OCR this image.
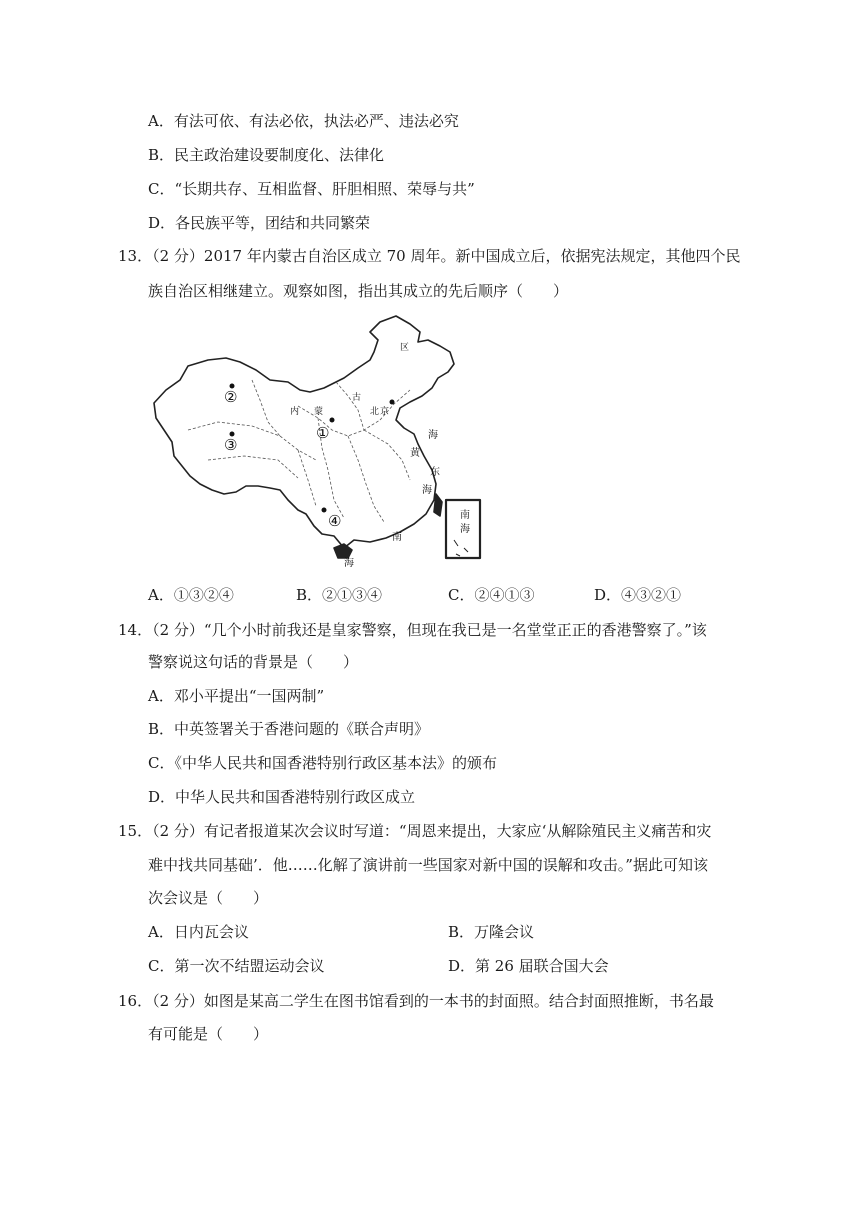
A．有法可依、有法必依，执法必严、违法必究
B．民主政治建设要制度化、法律化
C．“长期共存、互相监督、肝胆相照、荣辱与共”
D．各民族平等，团结和共同繁荣
13．（2 分）2017 年内蒙古自治区成立 70 周年。新中国成立后，依据宪法规定，其他四个民
族自治区相继建立。观察如图，指出其成立的先后顺序（　　）
②
③
①
④
内 蒙
古
区
北 京
黄
海
东
海
南
海
南
海
A．①③②④	B．②①③④	C．②④①③	D．④③②①
14．（2 分）“几个小时前我还是皇家警察，但现在我已是一名堂堂正正的香港警察了。”该
警察说这句话的背景是（　　）
A．邓小平提出“一国两制”
B．中英签署关于香港问题的《联合声明》
C．《中华人民共和国香港特别行政区基本法》的颁布
D．中华人民共和国香港特别行政区成立
15．（2 分）有记者报道某次会议时写道：“周恩来提出，大家应‘从解除殖民主义痛苦和灾
难中找共同基础’．他……化解了演讲前一些国家对新中国的误解和攻击。”据此可知该
次会议是（　　）
A．日内瓦会议	B．万隆会议
C．第一次不结盟运动会议	D．第 26 届联合国大会
16．（2 分）如图是某高二学生在图书馆看到的一本书的封面照。结合封面照推断，书名最
有可能是（　　）
